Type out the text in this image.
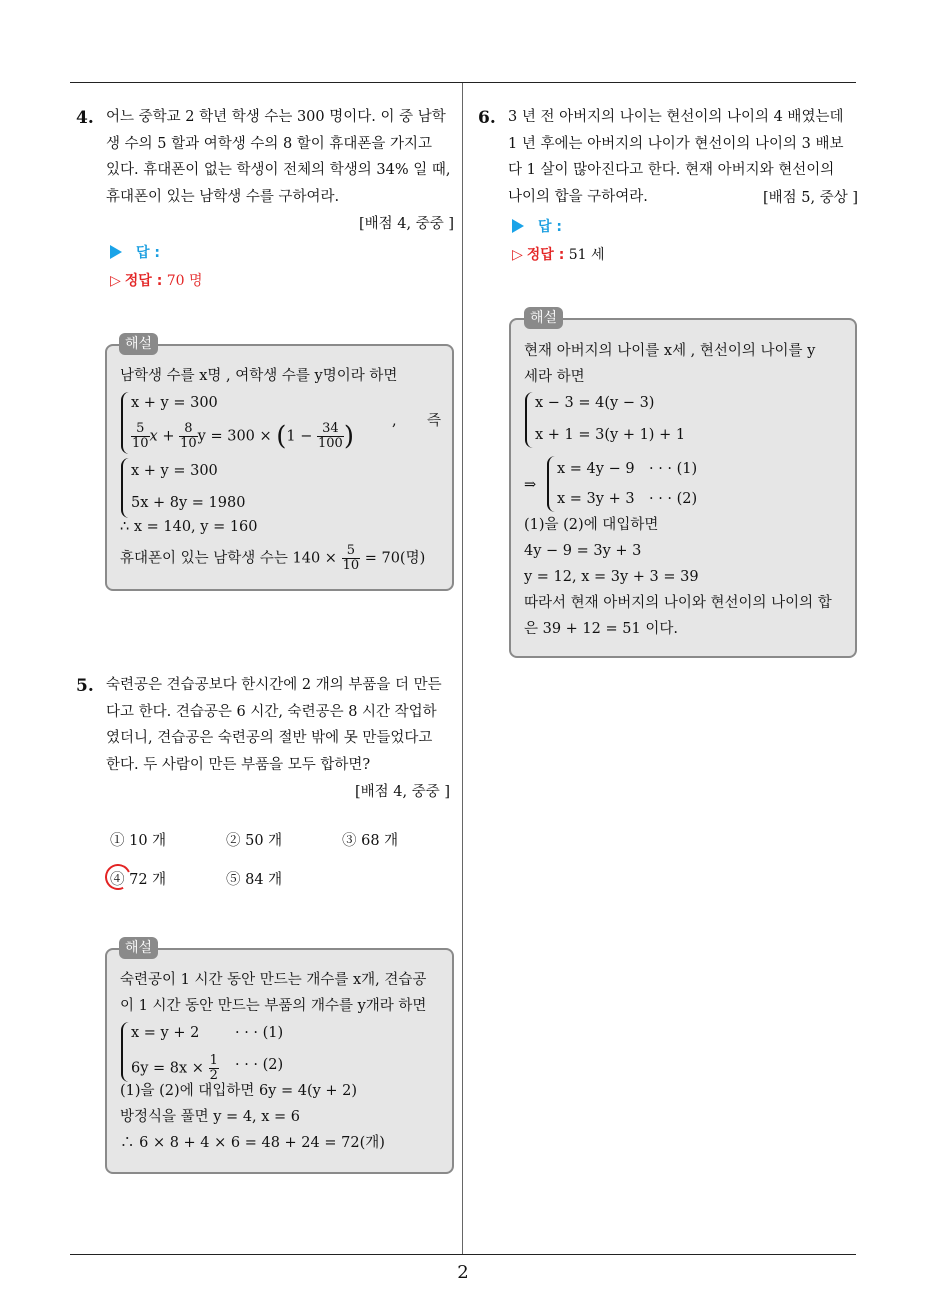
4. 어느 중학교 2 학년 학생 수는 300 명이다. 이 중 남학
생 수의 5 할과 여학생 수의 8 할이 휴대폰을 가지고
있다. 휴대폰이 없는 학생이 전체의 학생의 34% 일 때,
휴대폰이 있는 남학생 수를 구하여라.
[배점 4, 중중 ]
답 :
▷ 정답 : 70 명
남학생 수를 x명 , 여학생 수를 y명이라 하면
x + y = 300
$\frac{5}{10}$ $x + \frac{8}{10}$ $y = 300 \times (1 - \frac{34}{100}$ )
, 즉
x + y = 300
5x + 8y = 1980
∴ x = 140, y = 160
휴대폰이 있는 남학생 수는 $140 \times \frac{5}{10} = 70$(명)
해설
5. 숙련공은 견습공보다 한시간에 2 개의 부품을 더 만든
다고 한다. 견습공은 6 시간, 숙련공은 8 시간 작업하
였더니, 견습공은 숙련공의 절반 밖에 못 만들었다고
한다. 두 사람이 만든 부품을 모두 합하면?
[배점 4, 중중 ]
① 10 개	② 50 개	③ 68 개
④ 72 개	⑤ 84 개
숙련공이 1 시간 동안 만드는 개수를 x개, 견습공
이 1 시간 동안 만드는 부품의 개수를 y개라 하면
x = y + 2 · · · (1)
$6y = 8x \times \frac{1}{2}$ · · · (2)
(1)을 (2)에 대입하면 6y = 4(y + 2)
방정식을 풀면 y = 4, x = 6
∴ 6 × 8 + 4 × 6 = 48 + 24 = 72(개)
해설
6. 3 년 전 아버지의 나이는 현선이의 나이의 4 배였는데
1 년 후에는 아버지의 나이가 현선이의 나이의 3 배보
다 1 살이 많아진다고 한다. 현재 아버지와 현선이의
나이의 합을 구하여라.	[배점 5, 중상 ]
답 :
▷ 정답 : 51 세
현재 아버지의 나이를 x세 , 현선이의 나이를 y
세라 하면
x − 3 = 4(y − 3)
x + 1 = 3(y + 1) + 1
⇒
x = 4y − 9 · · · (1)
x = 3y + 3 · · · (2)
(1)을 (2)에 대입하면
4y − 9 = 3y + 3
y = 12, x = 3y + 3 = 39
따라서 현재 아버지의 나이와 현선이의 나이의 합
은 39 + 12 = 51 이다.
해설
2
